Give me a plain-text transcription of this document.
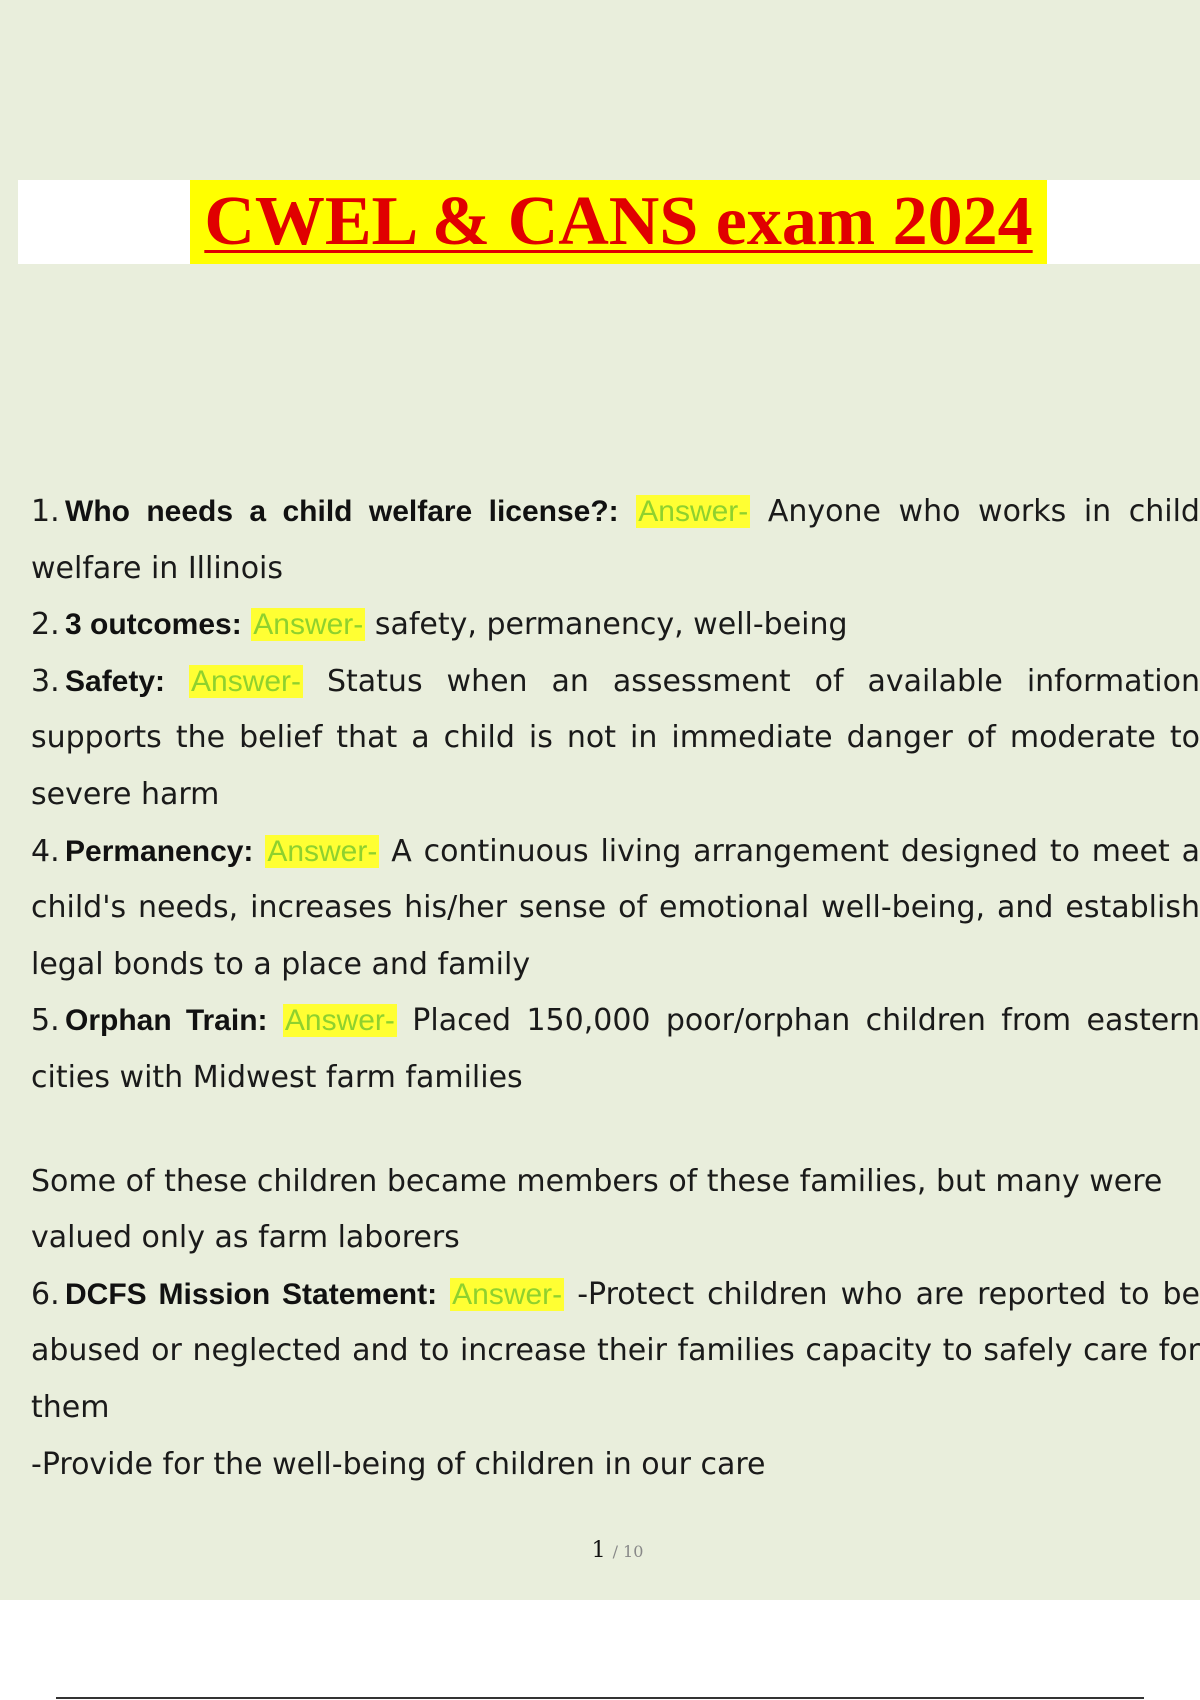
CWEL & CANS exam 2024

1. Who needs a child welfare license?: Answer- Anyone who works in child welfare in Illinois

2. 3 outcomes: Answer- safety, permanency, well-being

3. Safety: Answer- Status when an assessment of available information supports the belief that a child is not in immediate danger of moderate to severe harm

4. Permanency: Answer- A continuous living arrangement designed to meet a child's needs, increases his/her sense of emotional well-being, and establish legal bonds to a place and family

5. Orphan Train: Answer- Placed 150,000 poor/orphan children from eastern cities with Midwest farm families

Some of these children became members of these families, but many were valued only as farm laborers

6. DCFS Mission Statement: Answer- -Protect children who are reported to be abused or neglected and to increase their families capacity to safely care for them

-Provide for the well-being of children in our care

1 / 10
